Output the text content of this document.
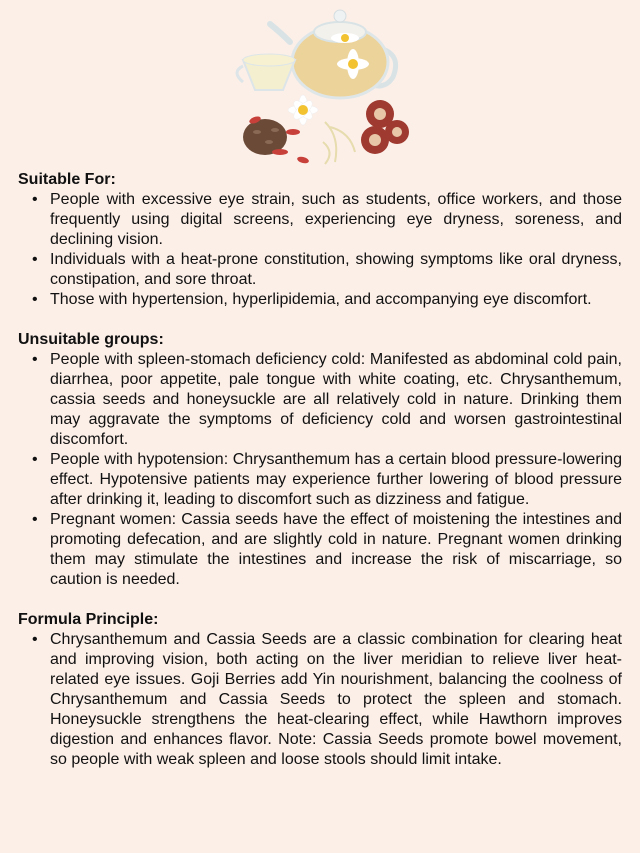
Suitable For:
• People with excessive eye strain, such as students, office workers, and those frequently using digital screens, experiencing eye dryness, soreness, and declining vision.
• Individuals with a heat-prone constitution, showing symptoms like oral dryness, constipation, and sore throat.
• Those with hypertension, hyperlipidemia, and accompanying eye discomfort.
Unsuitable groups:
• People with spleen-stomach deficiency cold: Manifested as abdominal cold pain, diarrhea, poor appetite, pale tongue with white coating, etc. Chrysanthemum, cassia seeds and honeysuckle are all relatively cold in nature. Drinking them may aggravate the symptoms of deficiency cold and worsen gastrointestinal discomfort.
• People with hypotension: Chrysanthemum has a certain blood pressure-lowering effect. Hypotensive patients may experience further lowering of blood pressure after drinking it, leading to discomfort such as dizziness and fatigue.
• Pregnant women: Cassia seeds have the effect of moistening the intestines and promoting defecation, and are slightly cold in nature. Pregnant women drinking them may stimulate the intestines and increase the risk of miscarriage, so caution is needed.
Formula Principle:
• Chrysanthemum and Cassia Seeds are a classic combination for clearing heat and improving vision, both acting on the liver meridian to relieve liver heat-related eye issues. Goji Berries add Yin nourishment, balancing the coolness of Chrysanthemum and Cassia Seeds to protect the spleen and stomach. Honeysuckle strengthens the heat-clearing effect, while Hawthorn improves digestion and enhances flavor. Note: Cassia Seeds promote bowel movement, so people with weak spleen and loose stools should limit intake.
